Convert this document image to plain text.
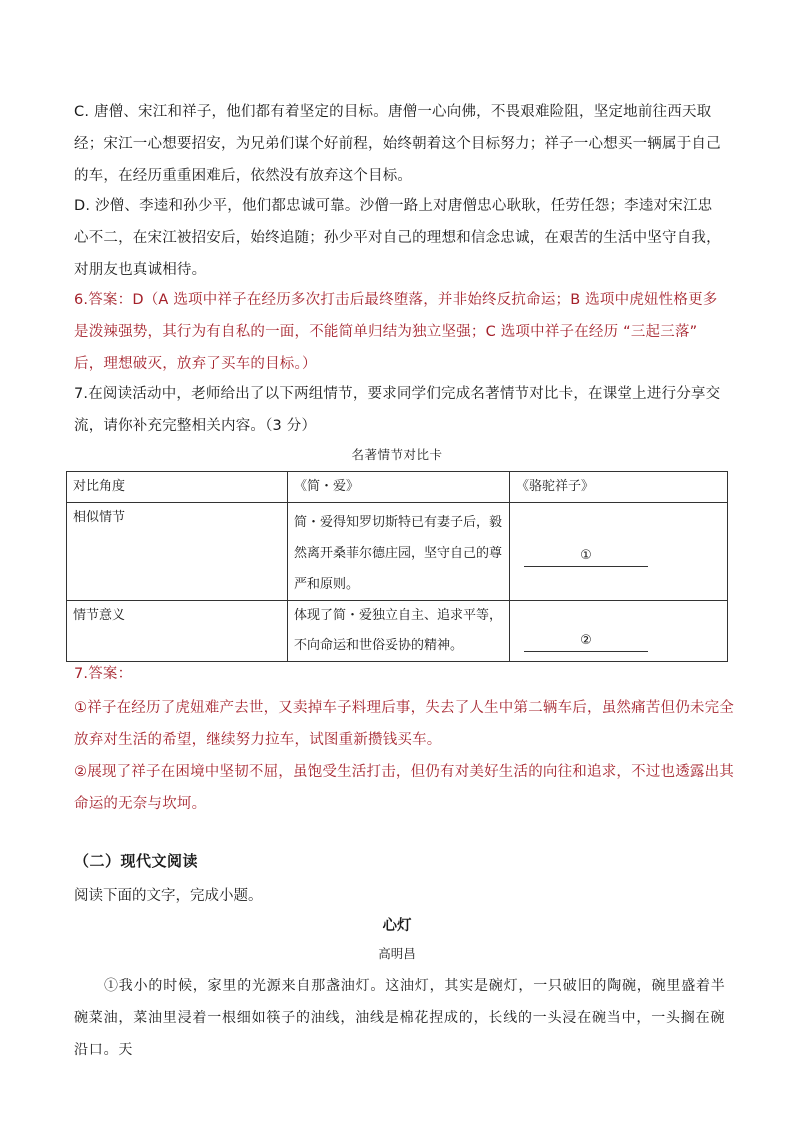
C. 唐僧、宋江和祥子，他们都有着坚定的目标。唐僧一心向佛，不畏艰难险阻，坚定地前往西天取经；宋江一心想要招安，为兄弟们谋个好前程，始终朝着这个目标努力；祥子一心想买一辆属于自己的车，在经历重重困难后，依然没有放弃这个目标。

D. 沙僧、李逵和孙少平，他们都忠诚可靠。沙僧一路上对唐僧忠心耿耿，任劳任怨；李逵对宋江忠心不二，在宋江被招安后，始终追随；孙少平对自己的理想和信念忠诚，在艰苦的生活中坚守自我，对朋友也真诚相待。

6.答案：D（A 选项中祥子在经历多次打击后最终堕落，并非始终反抗命运；B 选项中虎妞性格更多是泼辣强势，其行为有自私的一面，不能简单归结为独立坚强；C 选项中祥子在经历 “三起三落” 后，理想破灭，放弃了买车的目标。）

7.在阅读活动中，老师给出了以下两组情节，要求同学们完成名著情节对比卡，在课堂上进行分享交流，请你补充完整相关内容。（3 分）

名著情节对比卡
对比角度	《简・爱》	《骆驼祥子》

相似情节	简・爱得知罗切斯特已有妻子后，毅然离开桑菲尔德庄园，坚守自己的尊严和原则。	①

情节意义	体现了简・爱独立自主、追求平等，不向命运和世俗妥协的精神。	②

7.答案：

①祥子在经历了虎妞难产去世，又卖掉车子料理后事，失去了人生中第二辆车后，虽然痛苦但仍未完全放弃对生活的希望，继续努力拉车，试图重新攒钱买车。

②展现了祥子在困境中坚韧不屈，虽饱受生活打击，但仍有对美好生活的向往和追求，不过也透露出其命运的无奈与坎坷。

（二）现代文阅读
阅读下面的文字，完成小题。
心灯
高明昌
①我小的时候，家里的光源来自那盏油灯。这油灯，其实是碗灯，一只破旧的陶碗，碗里盛着半碗菜油，菜油里浸着一根细如筷子的油线，油线是棉花捏成的，长线的一头浸在碗当中，一头搁在碗沿口。天
